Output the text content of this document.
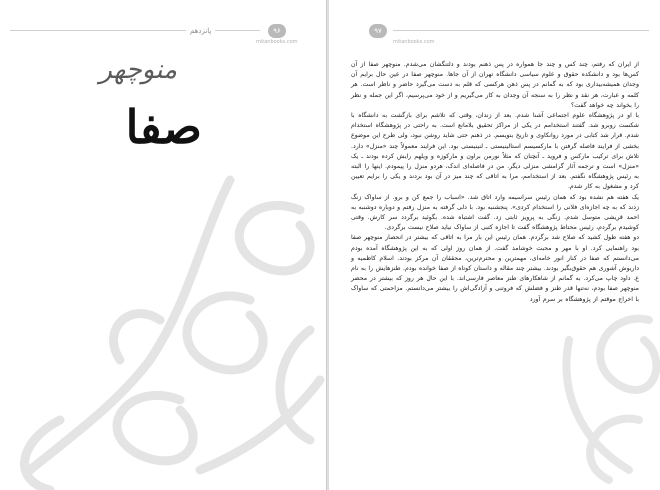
۹۶
پانزدهم
mitanbooks.com
منوچهر
صفا
۹۷
mitanbooks.com

از ایران که رفتم، چند کس و چند جا همواره در پس ذهنم بودند و دلتنگشان می‌شدم. منوچهر صفا از آن کس‌ها بود و دانشکده حقوق و علوم سیاسی دانشگاه تهران از آن جاها. منوچهر صفا در عین حال برایم آن وجدان همیشه‌بیداری بود که به گمانم در پس ذهن هرکسی که قلم به دست می‌گیرد حاضر و ناظر است. هر کلمه و عبارت، هر نقد و نظر را به سنجه آن وجدان به کار می‌گیریم و از خود می‌پرسیم، اگر این جمله و نظر را بخواند چه خواهد گفت؟

با او در پژوهشگاه علوم اجتماعی آشنا شدم. بعد از زندان، وقتی که تلاشم برای بازگشت به دانشگاه با شکست روبرو شد. گفتند استخدامم در یکی از مراکز تحقیق بلامانع است. به راحتی در پژوهشگاه استخدام شدم. قرار شد کتابی در مورد روانکاوی و تاریخ بنویسم. در ذهنم حتی شاید روشن نبود، ولی طرح این موضوع بخشی از فرایند فاصله گرفتن با مارکسیسم استالینیستی ـ لنینیستی بود. این فرایند معمولاً چند «منزل» دارد. تلاش برای ترکیب مارکس و فروید ـ آنچنان که مثلاً نورمن براون و مارکوزه و ویلهم رایش کرده بودند ـ یک «منزل» است و ترجمه آثار گرامشی منزلی دیگر. من در فاصله‌ای اندک، هردو منزل را پیمودم. اینها را البته به رئیس پژوهشگاه نگفتم. بعد از استخدامم، مرا به اتاقی که چند میز در آن بود بردند و یکی را برایم تعیین کرد و مشغول به کار شدم.

یک هفته هم نشده بود که همان رئیس سراسیمه وارد اتاق شد. «اسباب را جمع کن و برو. از ساواک زنگ زدند که به چه اجازه‌ای فلانی را استخدام کردی». پنجشنبه بود. با دلی گرفته به منزل رفتم و دوباره دوشنبه به احمد قریشی متوسل شدم. زنگی به پرویز ثابتی زد. گفت اشتباه شده. بگوئید برگردد سر کارش. وقتی کوشیدم برگردم، رئیس محتاط پژوهشگاه گفت تا اجازه کتبی از ساواک نیاید صلاح نیست برگردی.

دو هفته طول کشید که صلاح شد برگردم. همان رئیس این بار مرا به اتاقی که بیشتر در انحصار منوچهر صفا بود راهنمایی کرد. او با مهر و محبت خوشامد گفت. از همان روز اولی که به این پژوهشگاه آمده بودم می‌دانستم که صفا در کنار انور خامه‌ای، مهمترین و محترم‌ترین، محققان آن مرکز بودند. اسلام کاظمیه و داریوش آشوری هم حقوق‌بگیر بودند. بیشتر چند مقاله و داستان کوتاه از صفا خوانده بودم. طنزهایش را به نام ع. داود چاپ می‌کرد. به گمانم از شاهکارهای طنز معاصر فارسی‌اند. با این حال هر روز که بیشتر در محضر منوچهر صفا بودم، نه‌تنها قدر طنز و فضلش که فروتنی و آزادگی‌اش را بیشتر می‌دانستم. مزاحمتی که ساواک با اخراج موقتم از پژوهشگاه بر سرم آورد
